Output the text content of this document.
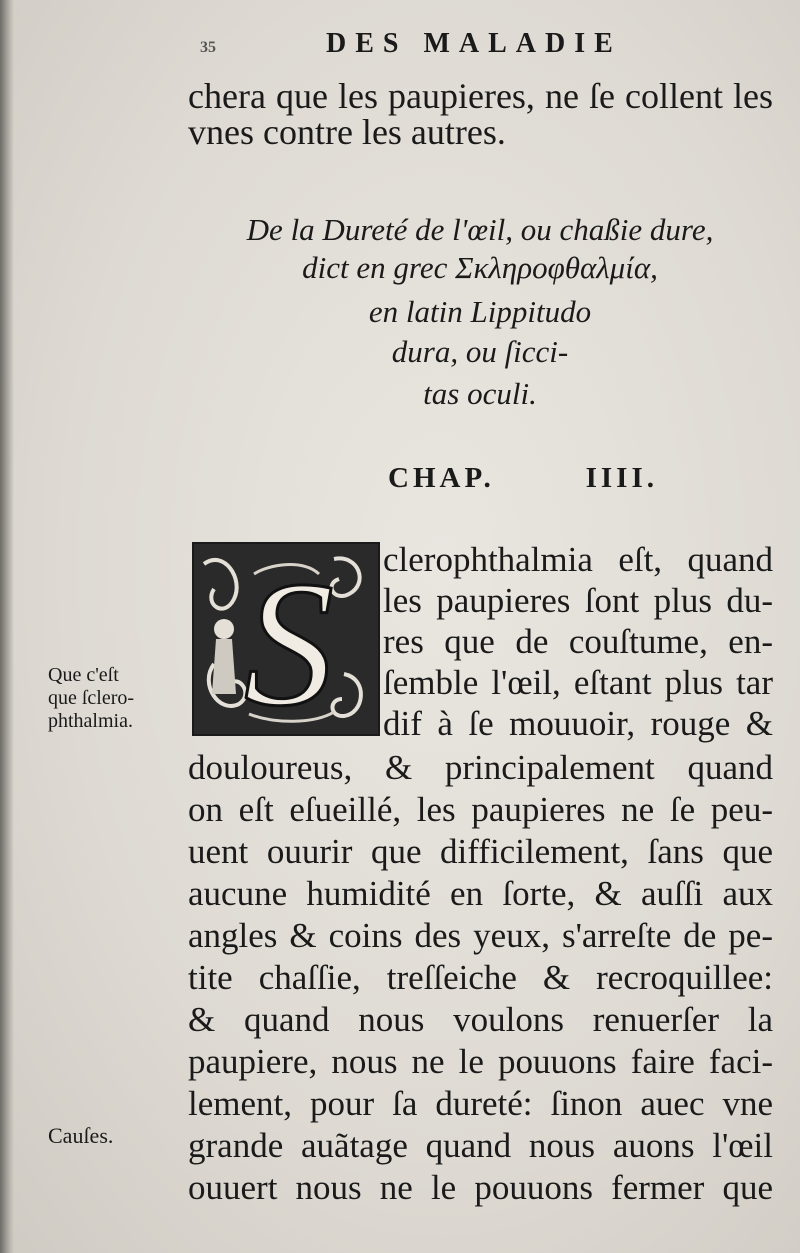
35	DES MALADIE
chera que les paupieres, ne ſe collent les
vnes contre les autres.
De la Dureté de l'œil, ou chaßie dure,
dict en grec Σκληροφθαλμία,
en latin Lippitudo
dura, ou ſicci-
tas oculi.
CHAP.	IIII.
S clerophthalmia eſt, quand
les paupieres ſont plus du-
res que de couſtume, en-
ſemble l'œil, eſtant plus tar
dif à ſe mouuoir, rouge &
douloureus, & principalement quand
on eſt eſueillé, les paupieres ne ſe peu-
uent ouurir que difficilement, ſans que
aucune humidité en ſorte, & auſſi aux
angles & coins des yeux, s'arreſte de pe-
tite chaſſie, treſſeiche & recroquillee:
& quand nous voulons renuerſer la
paupiere, nous ne le pouuons faire faci-
lement, pour ſa dureté: ſinon auec vne
grande auãtage quand nous auons l'œil
ouuert nous ne le pouuons fermer que
Que c'eſt
que ſclero-
phthalmia.
Cauſes.
